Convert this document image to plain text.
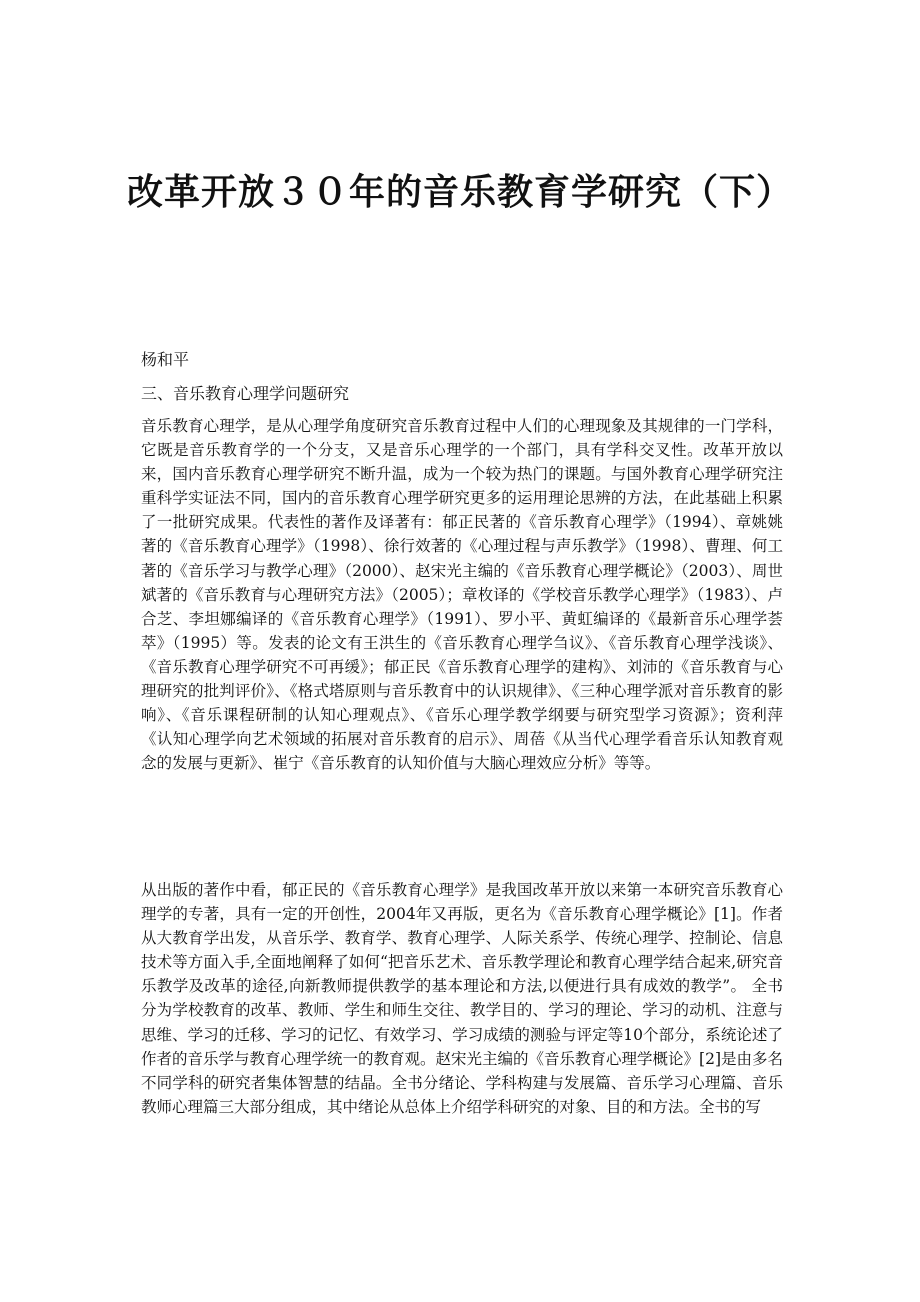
改革开放３０年的音乐教育学研究（下）

杨和平

三、音乐教育心理学问题研究

音乐教育心理学，是从心理学角度研究音乐教育过程中人们的心理现象及其规律的一门学科，它既是音乐教育学的一个分支，又是音乐心理学的一个部门，具有学科交叉性。改革开放以来，国内音乐教育心理学研究不断升温，成为一个较为热门的课题。与国外教育心理学研究注重科学实证法不同，国内的音乐教育心理学研究更多的运用理论思辨的方法，在此基础上积累了一批研究成果。代表性的著作及译著有：郁正民著的《音乐教育心理学》（1994）、章姚姚著的《音乐教育心理学》（1998）、徐行效著的《心理过程与声乐教学》（1998）、曹理、何工著的《音乐学习与教学心理》（2000）、赵宋光主编的《音乐教育心理学概论》（2003）、周世斌著的《音乐教育与心理研究方法》（2005）；章枚译的《学校音乐教学心理学》（1983）、卢合芝、李坦娜编译的《音乐教育心理学》（1991）、罗小平、黄虹编译的《最新音乐心理学荟萃》（1995）等。发表的论文有王洪生的《音乐教育心理学刍议》、《音乐教育心理学浅谈》、《音乐教育心理学研究不可再缓》；郁正民《音乐教育心理学的建构》、刘沛的《音乐教育与心理研究的批判评价》、《格式塔原则与音乐教育中的认识规律》、《三种心理学派对音乐教育的影响》、《音乐课程研制的认知心理观点》、《音乐心理学教学纲要与研究型学习资源》；资利萍《认知心理学向艺术领域的拓展对音乐教育的启示》、周蓓《从当代心理学看音乐认知教育观念的发展与更新》、崔宁《音乐教育的认知价值与大脑心理效应分析》等等。

从出版的著作中看，郁正民的《音乐教育心理学》是我国改革开放以来第一本研究音乐教育心理学的专著，具有一定的开创性，2004年又再版，更名为《音乐教育心理学概论》[1]。作者从大教育学出发，从音乐学、教育学、教育心理学、人际关系学、传统心理学、控制论、信息技术等方面入手,全面地阐释了如何“把音乐艺术、音乐教学理论和教育心理学结合起来,研究音乐教学及改革的途径,向新教师提供教学的基本理论和方法,以便进行具有成效的教学”。 全书分为学校教育的改革、教师、学生和师生交往、教学目的、学习的理论、学习的动机、注意与思维、学习的迁移、学习的记忆、有效学习、学习成绩的测验与评定等10个部分，系统论述了作者的音乐学与教育心理学统一的教育观。赵宋光主编的《音乐教育心理学概论》[2]是由多名不同学科的研究者集体智慧的结晶。全书分绪论、学科构建与发展篇、音乐学习心理篇、音乐教师心理篇三大部分组成，其中绪论从总体上介绍学科研究的对象、目的和方法。全书的写
